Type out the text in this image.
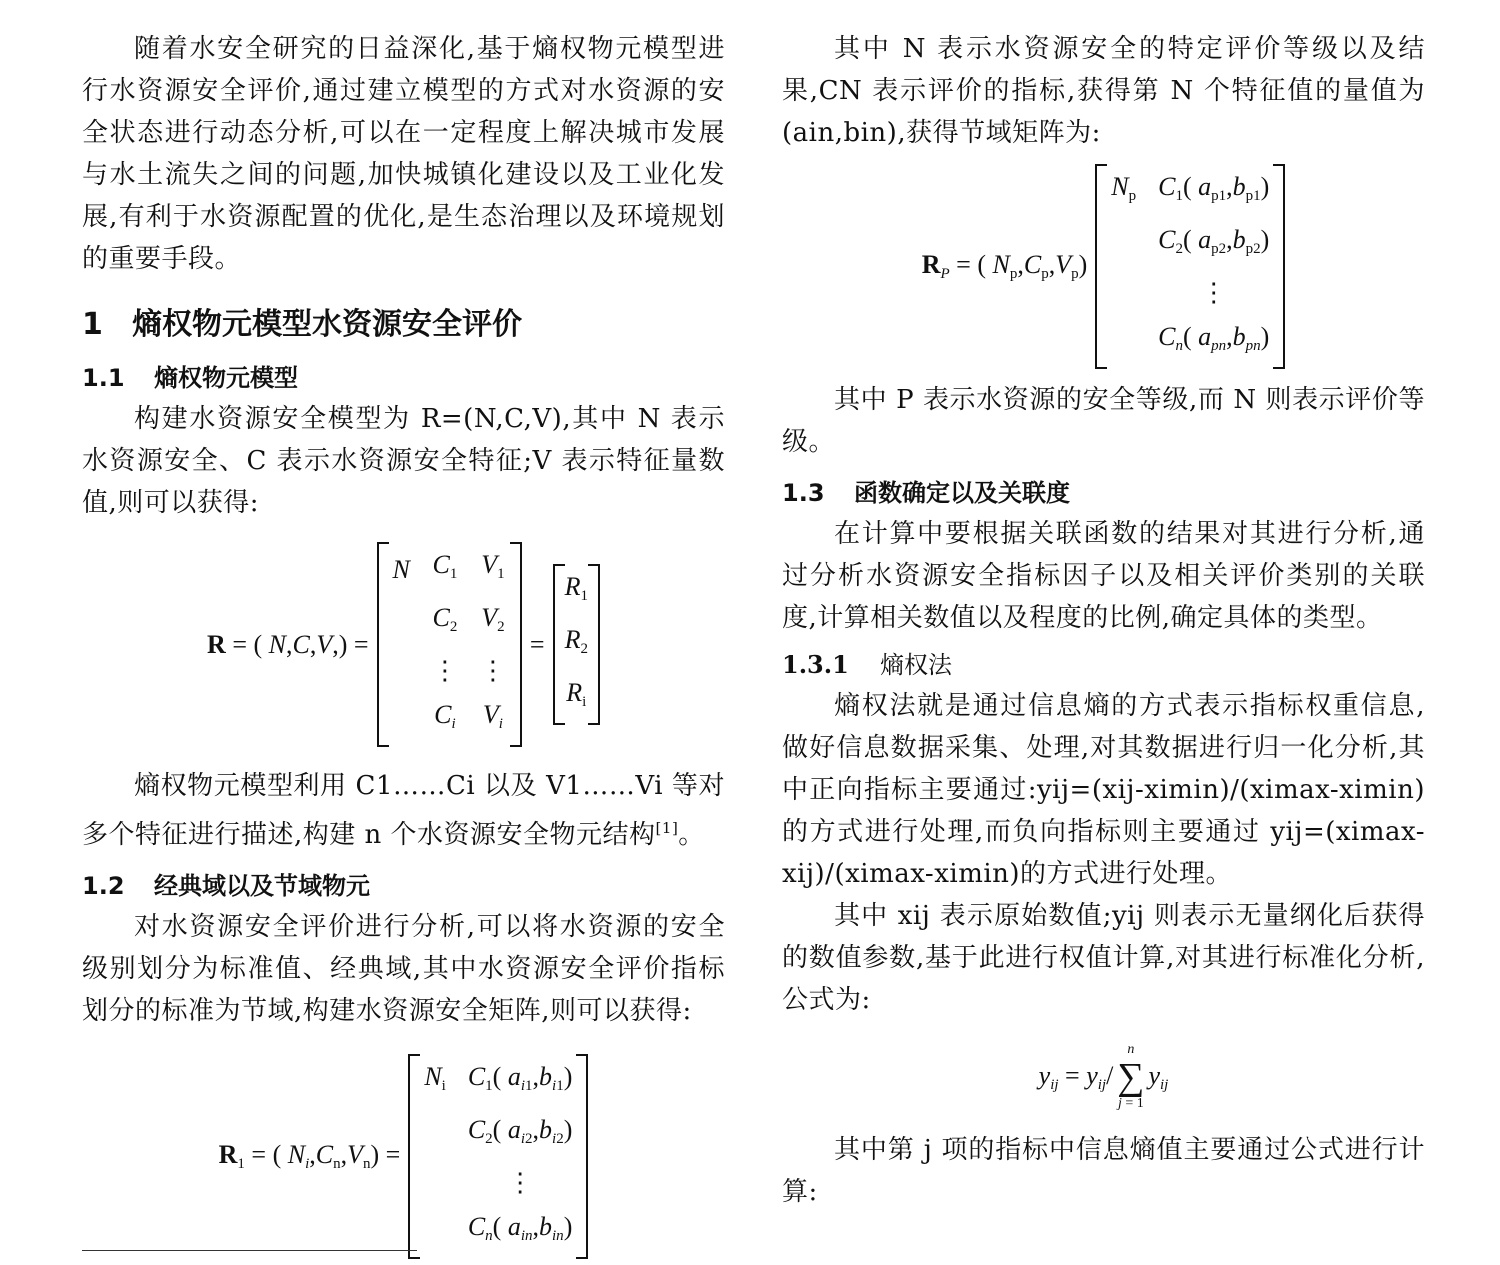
随着水安全研究的日益深化,基于熵权物元模型进行水资源安全评价,通过建立模型的方式对水资源的安全状态进行动态分析,可以在一定程度上解决城市发展与水土流失之间的问题,加快城镇化建设以及工业化发展,有利于水资源配置的优化,是生态治理以及环境规划的重要手段。

1 熵权物元模型水资源安全评价
1.1 熵权物元模型

构建水资源安全模型为 R=(N,C,V),其中 N 表示水资源安全、C 表示水资源安全特征;V 表示特征量数值,则可以获得:

R = ( N,C,V,) =
N $C_1$ $V_1$
$C_2$ $V_2$
⋮ ⋮
$C_i$ $V_i$
=
$R_1$
$R_2$
$R_i$

熵权物元模型利用 C1……Ci 以及 V1……Vi 等对多个特征进行描述,构建 n 个水资源安全物元结构[1]。

1.2 经典域以及节域物元

对水资源安全评价进行分析,可以将水资源的安全级别划分为标准值、经典域,其中水资源安全评价指标划分的标准为节域,构建水资源安全矩阵,则可以获得:

$R_1$ = ( $N_i,C_n,V_n$) =
$N_i$ $C_1$( $a_{i1},b_{i1}$)
$C_2$( $a_{i2},b_{i2}$)
⋮
$C_n$( $a_{in},b_{in}$)

其中 N 表示水资源安全的特定评价等级以及结果,CN 表示评价的指标,获得第 N 个特征值的量值为(ain,bin),获得节域矩阵为:

$R_P$ = ( $N_p,C_p,V_p$)
$N_p$ $C_1$( $a_{p1},b_{p1}$)
$C_2$( $a_{p2},b_{p2}$)
⋮
$C_n$( $a_{pn},b_{pn}$)

其中 P 表示水资源的安全等级,而 N 则表示评价等级。

1.3 函数确定以及关联度

在计算中要根据关联函数的结果对其进行分析,通过分析水资源安全指标因子以及相关评价类别的关联度,计算相关数值以及程度的比例,确定具体的类型。

1.3.1 熵权法

熵权法就是通过信息熵的方式表示指标权重信息,做好信息数据采集、处理,对其数据进行归一化分析,其中正向指标主要通过:yij=(xij-ximin)/(ximax-ximin)的方式进行处理,而负向指标则主要通过 yij=(ximax-xij)/(ximax-ximin)的方式进行处理。

其中 xij 表示原始数值;yij 则表示无量纲化后获得的数值参数,基于此进行权值计算,对其进行标准化分析,公式为:

$y_{ij} = y_{ij}/$
n
∑
j = 1
$y_{ij}$

其中第 j 项的指标中信息熵值主要通过公式进行计算:
